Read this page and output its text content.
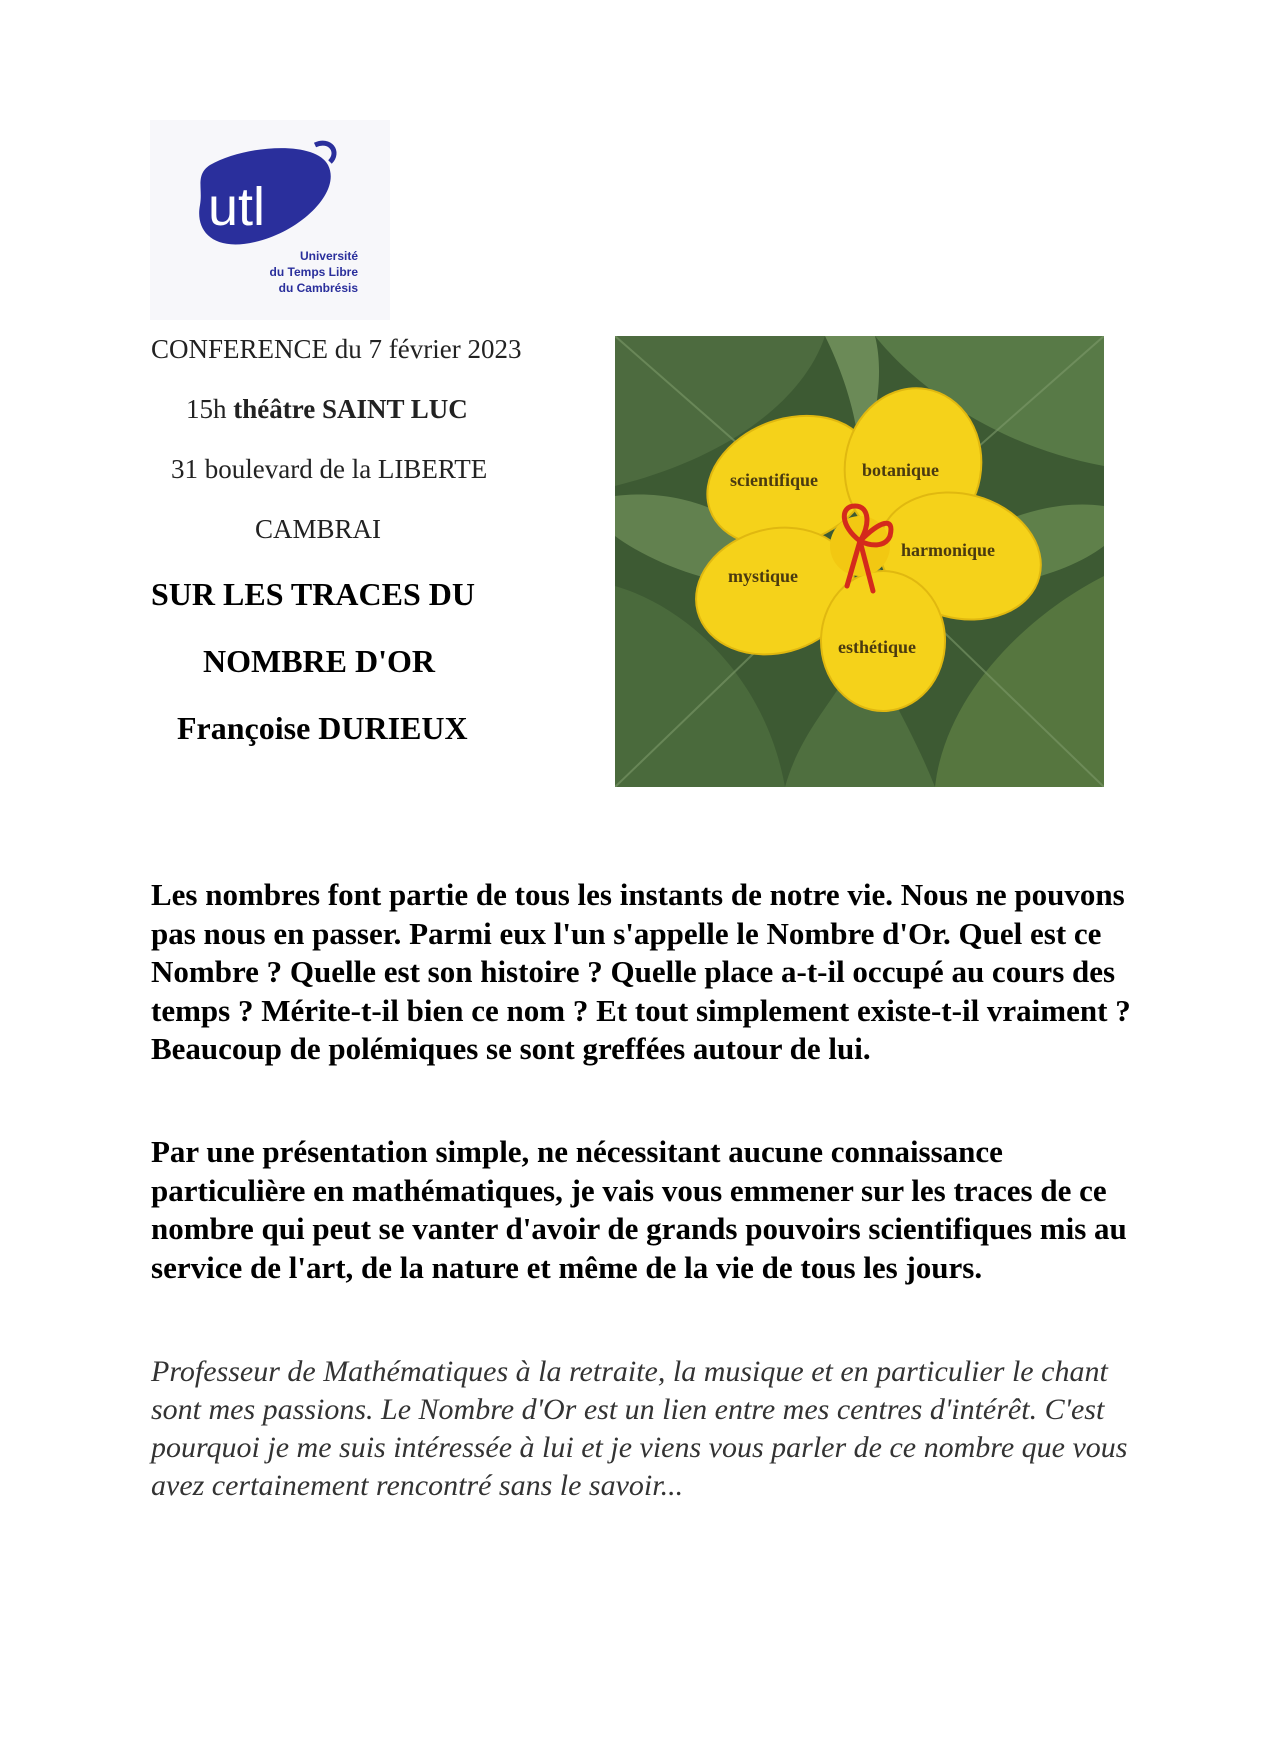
utl
Université
du Temps Libre
du Cambrésis
CONFERENCE du 7 février 2023
15h théâtre SAINT LUC
31 boulevard de la LIBERTE
CAMBRAI
SUR LES TRACES DU
NOMBRE D'OR
Françoise DURIEUX
scientifique botanique
harmonique
mystique
esthétique

Les nombres font partie de tous les instants de notre vie. Nous ne pouvons pas nous en passer. Parmi eux l'un s'appelle le Nombre d'Or. Quel est ce Nombre ? Quelle est son histoire ? Quelle place a-t-il occupé au cours des temps ? Mérite-t-il bien ce nom ? Et tout simplement existe-t-il vraiment ? Beaucoup de polémiques se sont greffées autour de lui.

Par une présentation simple, ne nécessitant aucune connaissance particulière en mathématiques, je vais vous emmener sur les traces de ce nombre qui peut se vanter d'avoir de grands pouvoirs scientifiques mis au service de l'art, de la nature et même de la vie de tous les jours.

Professeur de Mathématiques à la retraite, la musique et en particulier le chant sont mes passions. Le Nombre d'Or est un lien entre mes centres d'intérêt. C'est pourquoi je me suis intéressée à lui et je viens vous parler de ce nombre que vous avez certainement rencontré sans le savoir...
